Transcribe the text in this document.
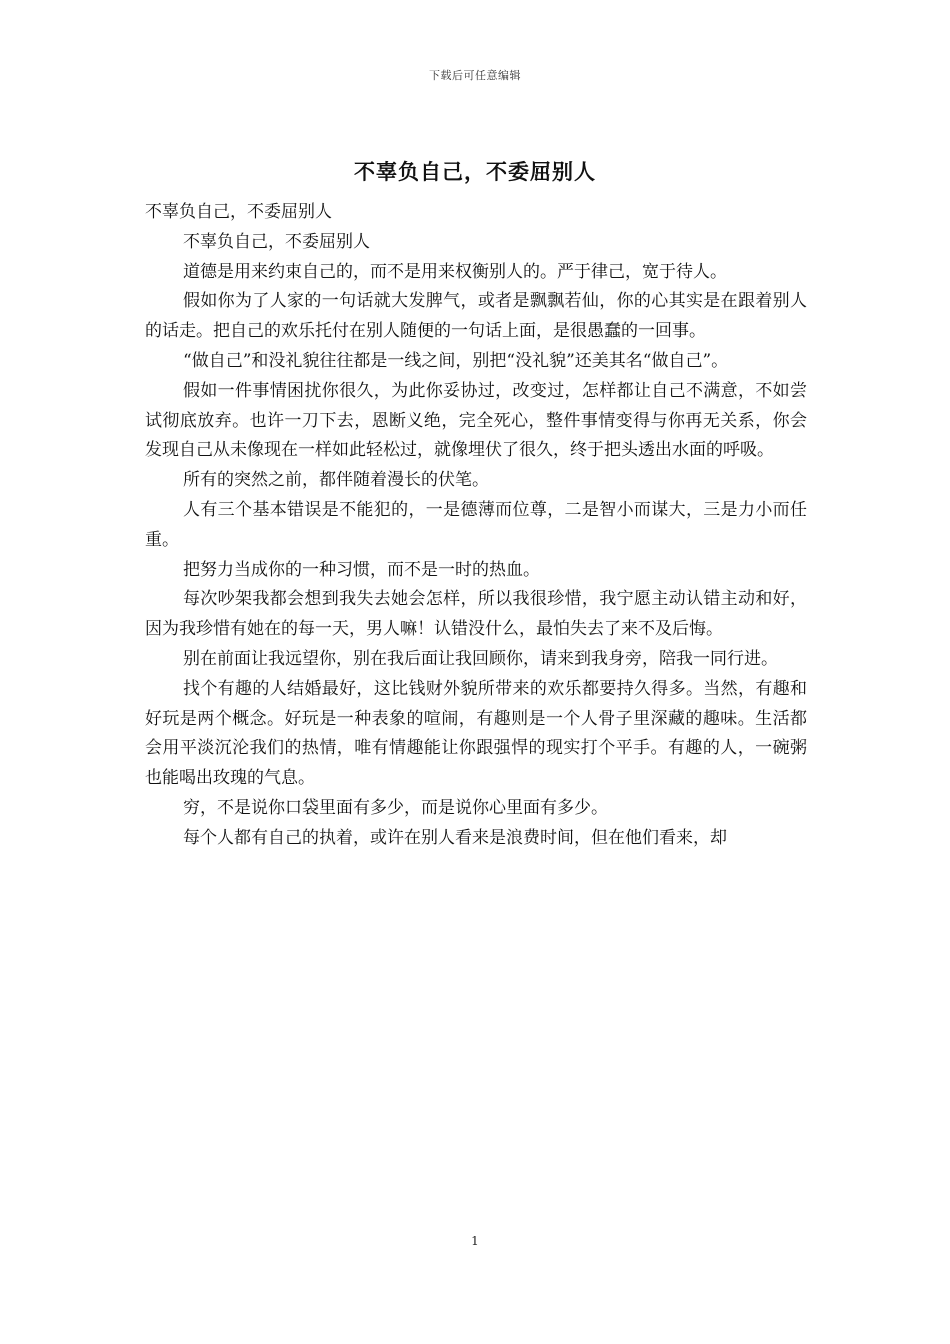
下载后可任意编辑
不辜负自己，不委屈别人

不辜负自己，不委屈别人

不辜负自己，不委屈别人

道德是用来约束自己的，而不是用来权衡别人的。严于律己，宽于待人。

假如你为了人家的一句话就大发脾气，或者是飘飘若仙，你的心其实是在跟着别人的话走。把自己的欢乐托付在别人随便的一句话上面，是很愚蠢的一回事。

“做自己”和没礼貌往往都是一线之间，别把“没礼貌”还美其名“做自己”。

假如一件事情困扰你很久，为此你妥协过，改变过，怎样都让自己不满意，不如尝试彻底放弃。也许一刀下去，恩断义绝，完全死心，整件事情变得与你再无关系，你会发现自己从未像现在一样如此轻松过，就像埋伏了很久，终于把头透出水面的呼吸。

所有的突然之前，都伴随着漫长的伏笔。

人有三个基本错误是不能犯的，一是德薄而位尊，二是智小而谋大，三是力小而任重。

把努力当成你的一种习惯，而不是一时的热血。

每次吵架我都会想到我失去她会怎样，所以我很珍惜，我宁愿主动认错主动和好，因为我珍惜有她在的每一天，男人嘛！认错没什么，最怕失去了来不及后悔。

别在前面让我远望你，别在我后面让我回顾你，请来到我身旁，陪我一同行进。

找个有趣的人结婚最好，这比钱财外貌所带来的欢乐都要持久得多。当然，有趣和好玩是两个概念。好玩是一种表象的喧闹，有趣则是一个人骨子里深藏的趣味。生活都会用平淡沉沦我们的热情，唯有情趣能让你跟强悍的现实打个平手。有趣的人，一碗粥也能喝出玫瑰的气息。

穷，不是说你口袋里面有多少，而是说你心里面有多少。

每个人都有自己的执着，或许在别人看来是浪费时间，但在他们看来，却

1
